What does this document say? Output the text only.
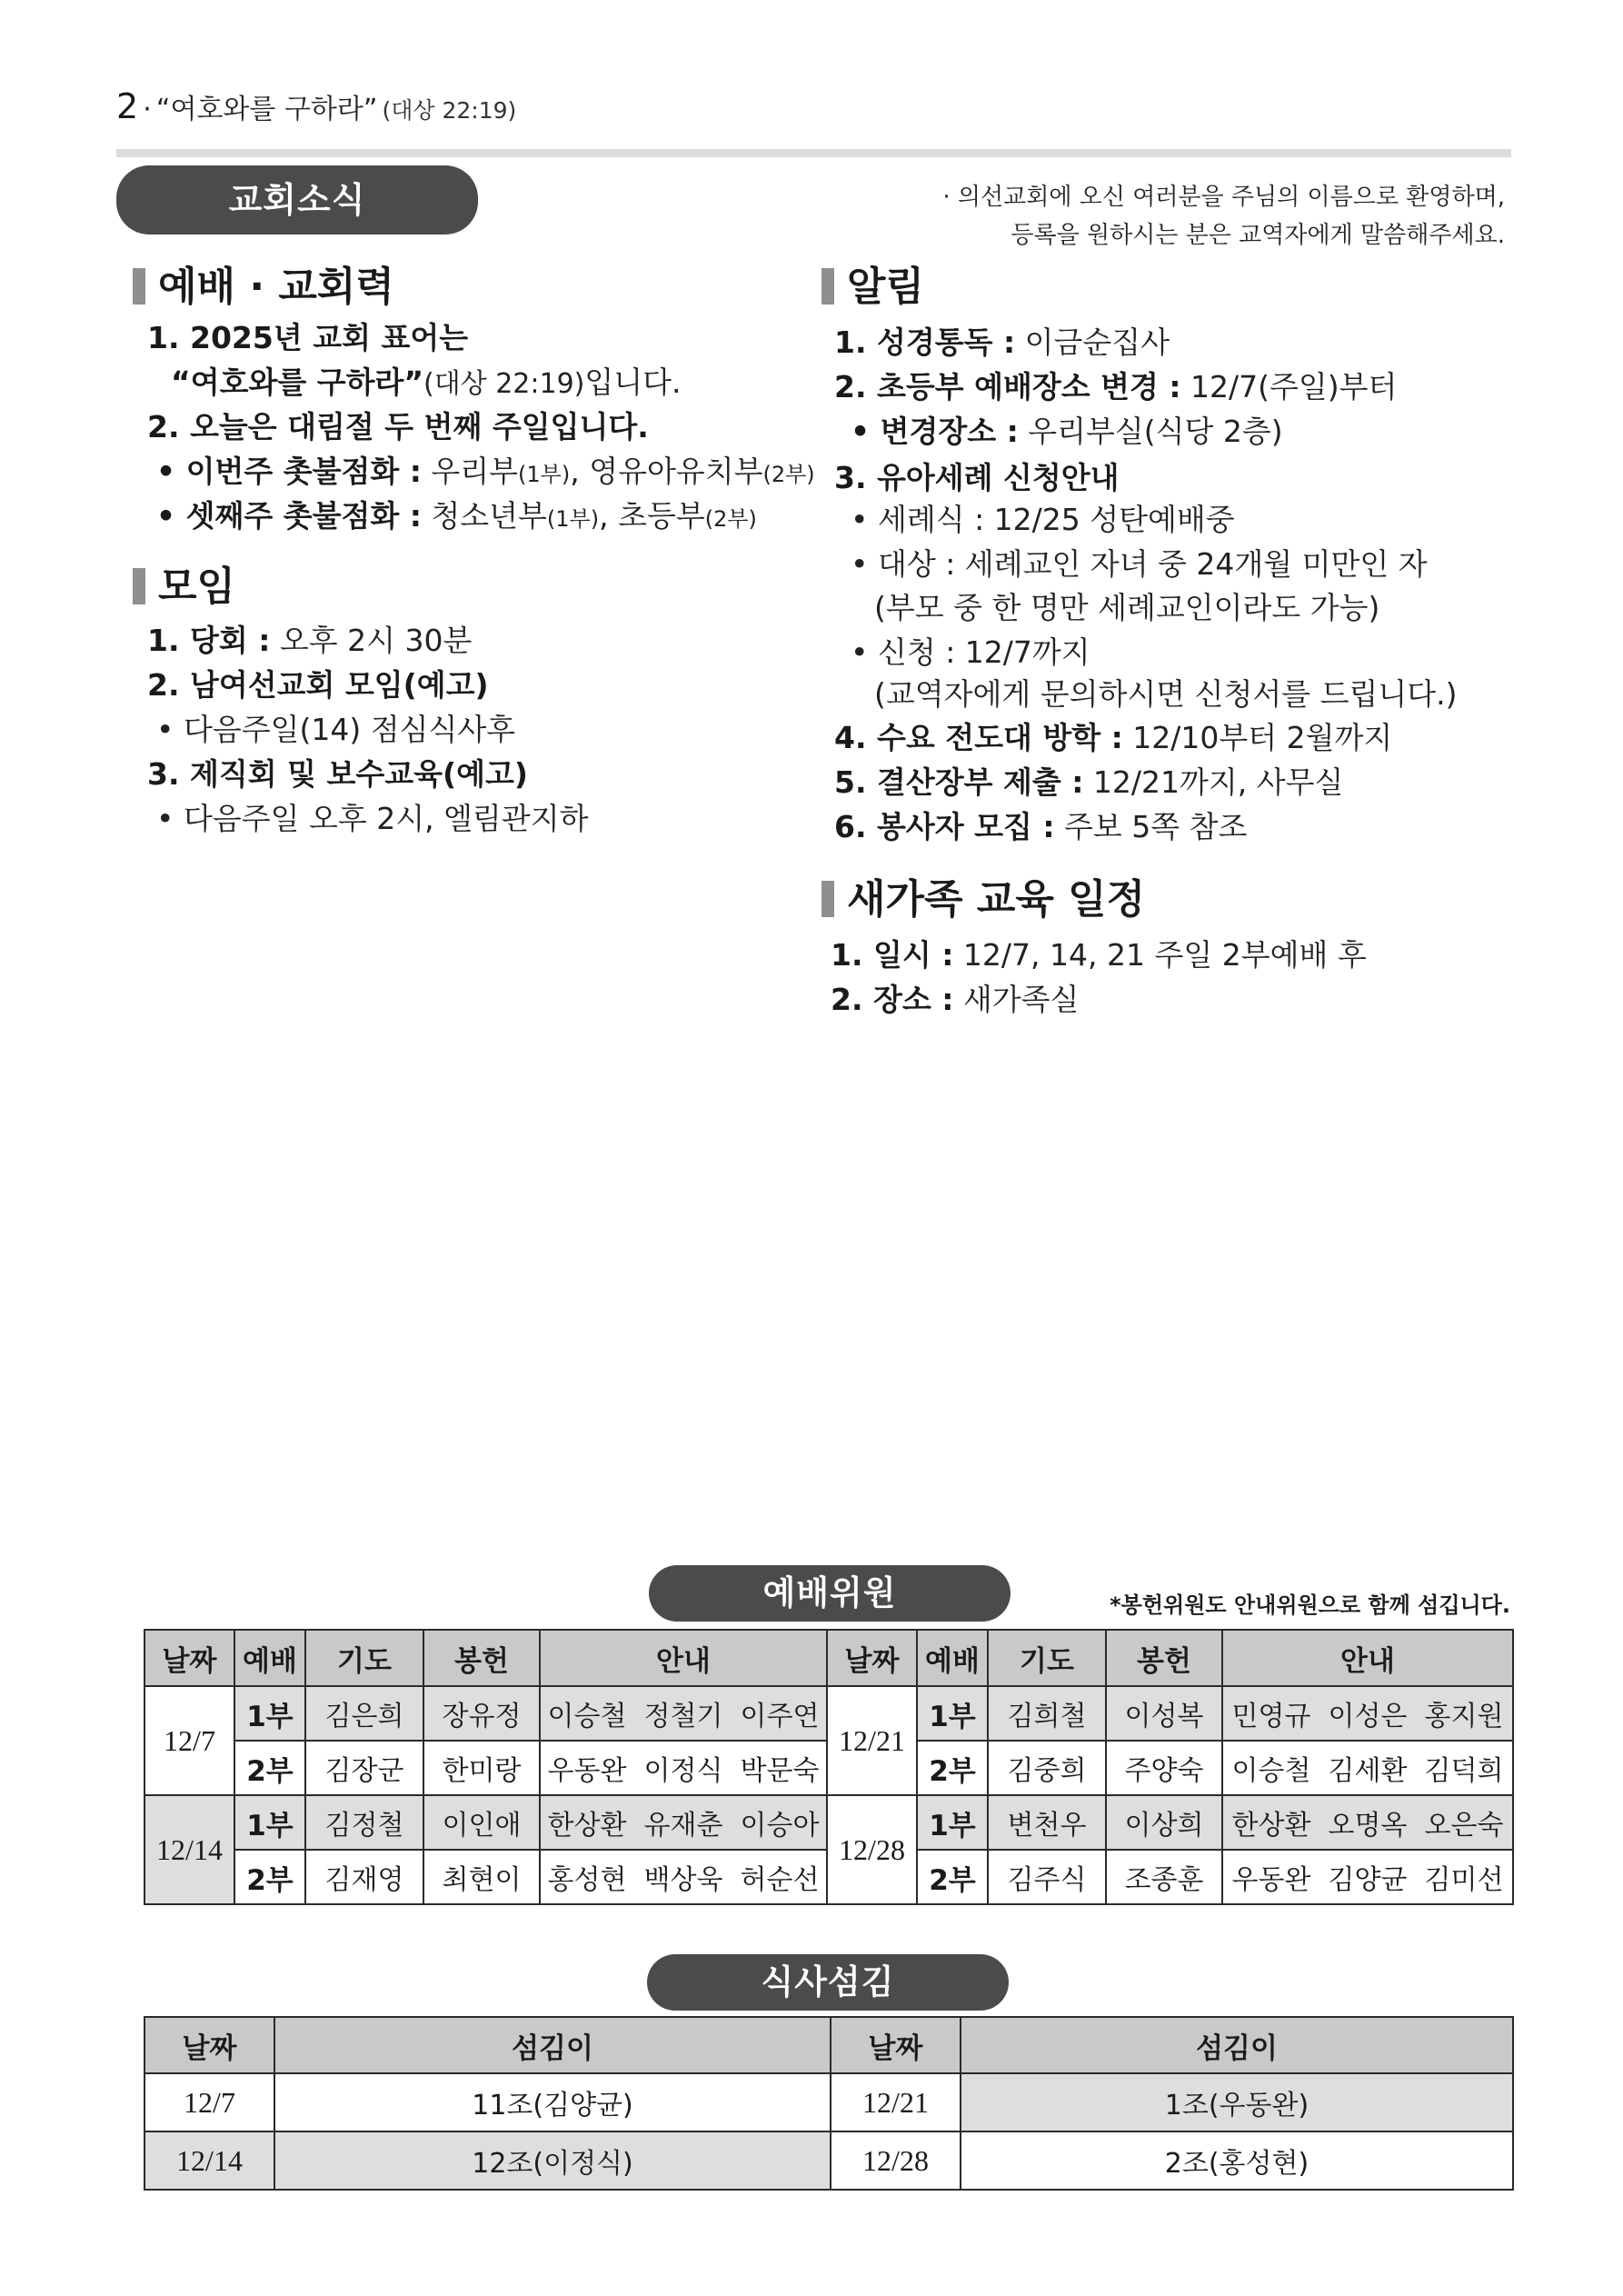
2 · “여호와를 구하라” (대상 22:19)
교회소식	· 의선교회에 오신 여러분을 주님의 이름으로 환영하며,
등록을 원하시는 분은 교역자에게 말씀해주세요.
예배 · 교회력
1. 2025년 교회 표어는
“여호와를 구하라”(대상 22:19)입니다.
2. 오늘은 대림절 두 번째 주일입니다.
• 이번주 촛불점화 : 우리부(1부), 영유아유치부(2부)
• 셋째주 촛불점화 : 청소년부(1부), 초등부(2부)
모임
1. 당회 : 오후 2시 30분
2. 남여선교회 모임(예고)
• 다음주일(14) 점심식사후
3. 제직회 및 보수교육(예고)
• 다음주일 오후 2시, 엘림관지하
알림
1. 성경통독 : 이금순집사
2. 초등부 예배장소 변경 : 12/7(주일)부터
• 변경장소 : 우리부실(식당 2층)
3. 유아세례 신청안내
• 세례식 : 12/25 성탄예배중
• 대상 : 세례교인 자녀 중 24개월 미만인 자
(부모 중 한 명만 세례교인이라도 가능)
• 신청 : 12/7까지
(교역자에게 문의하시면 신청서를 드립니다.)
4. 수요 전도대 방학 : 12/10부터 2월까지
5. 결산장부 제출 : 12/21까지, 사무실
6. 봉사자 모집 : 주보 5쪽 참조
새가족 교육 일정
1. 일시 : 12/7, 14, 21 주일 2부예배 후
2. 장소 : 새가족실
예배위원	*봉헌위원도 안내위원으로 함께 섬깁니다.
날짜	예배	기도	봉헌	안내	날짜	예배	기도	봉헌	안내
12/7	1부	김은희	장유정	이승철  정철기  이주연	12/21	1부	김희철	이성복	민영규  이성은  홍지원
	2부	김장군	한미랑	우동완  이정식  박문숙		2부	김중희	주양숙	이승철  김세환  김덕희
12/14	1부	김정철	이인애	한상환  유재춘  이승아	12/28	1부	변천우	이상희	한상환  오명옥  오은숙
	2부	김재영	최현이	홍성현  백상욱  허순선		2부	김주식	조종훈	우동완  김양균  김미선
식사섬김
날짜	섬김이	날짜	섬김이
12/7	11조(김양균)	12/21	1조(우동완)
12/14	12조(이정식)	12/28	2조(홍성현)
